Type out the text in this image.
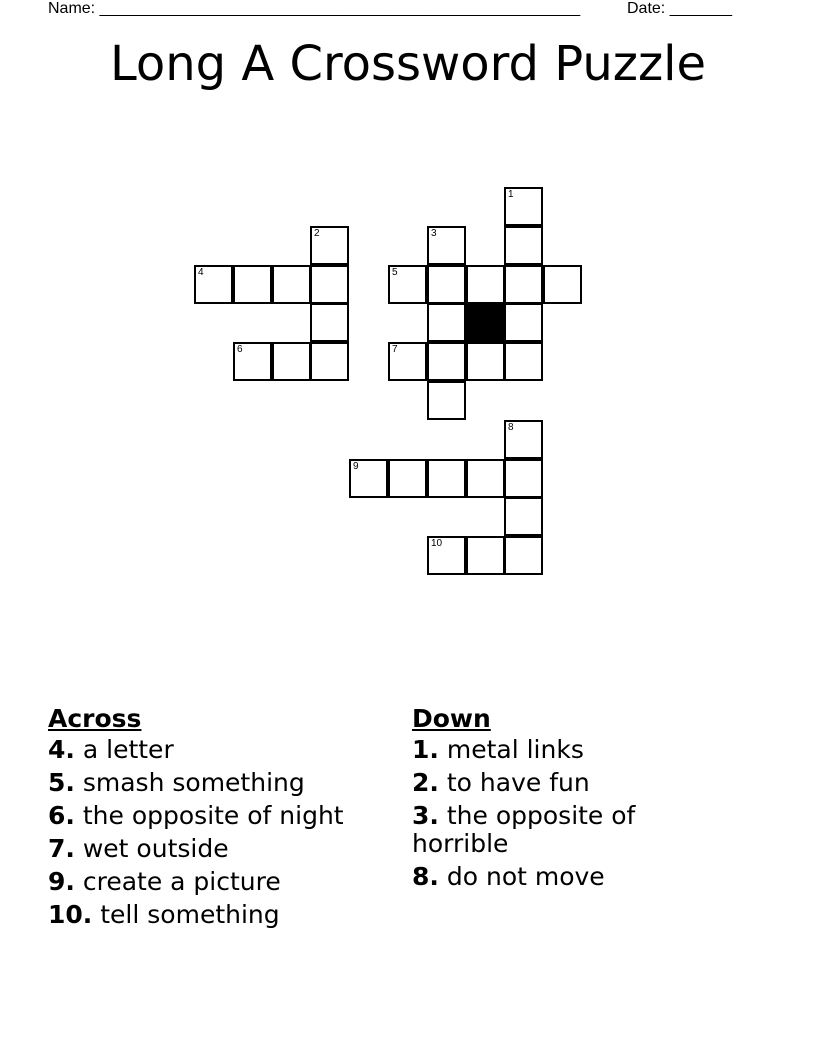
Name: ______________________________________________________	Date: _______
Long A Crossword Puzzle
1
2	3
4	5
6	7
8
9
10
Across
4. a letter
5. smash something
6. the opposite of night
7. wet outside
9. create a picture
10. tell something
Down
1. metal links
2. to have fun
3. the opposite of horrible
8. do not move
